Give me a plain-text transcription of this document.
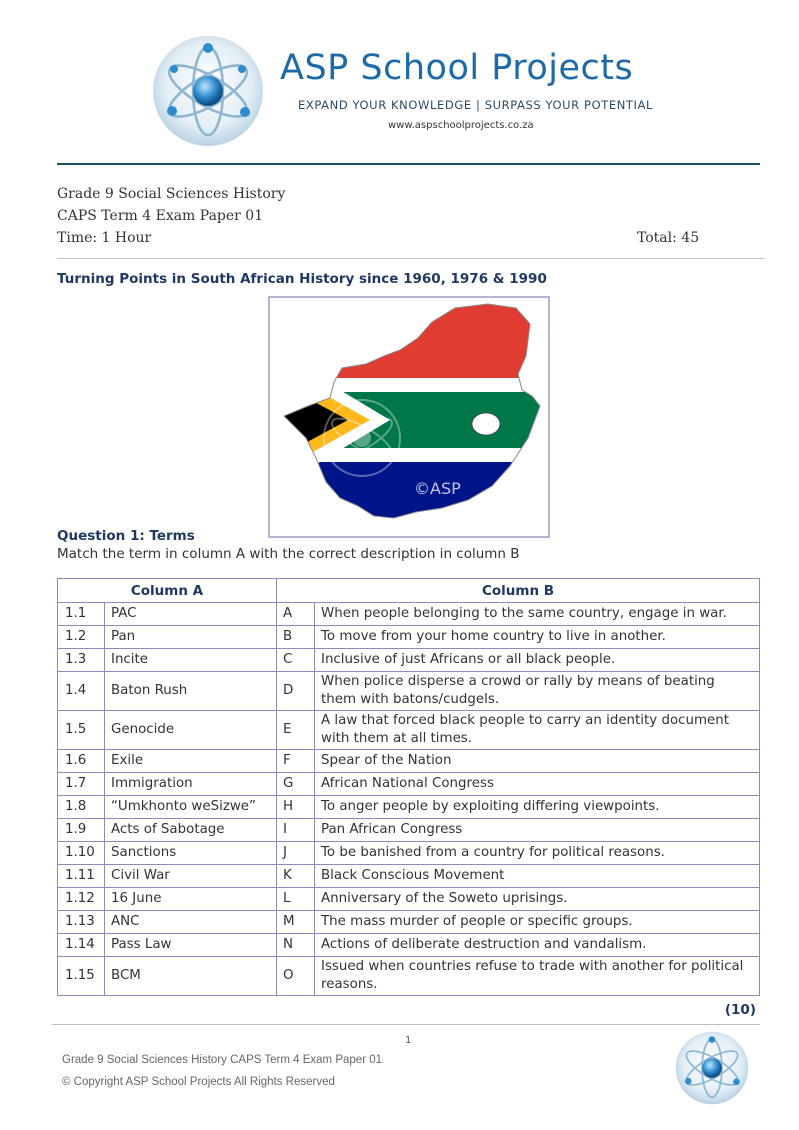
ASP School Projects
EXPAND YOUR KNOWLEDGE | SURPASS YOUR POTENTIAL
www.aspschoolprojects.co.za
Grade 9 Social Sciences History
CAPS Term 4 Exam Paper 01
Time: 1 Hour	Total: 45
Turning Points in South African History since 1960, 1976 & 1990
©ASP
Question 1: Terms
Match the term in column A with the correct description in column B
Column A		Column B	
1.1	PAC	A	When people belonging to the same country, engage in war.
1.2	Pan	B	To move from your home country to live in another.
1.3	Incite	C	Inclusive of just Africans or all black people.
1.4	Baton Rush	D	When police disperse a crowd or rally by means of beating them with batons/cudgels.
1.5	Genocide	E	A law that forced black people to carry an identity document with them at all times.
1.6	Exile	F	Spear of the Nation
1.7	Immigration	G	African National Congress
1.8	“Umkhonto weSizwe”	H	To anger people by exploiting differing viewpoints.
1.9	Acts of Sabotage	I	Pan African Congress
1.10	Sanctions	J	To be banished from a country for political reasons.
1.11	Civil War	K	Black Conscious Movement
1.12	16 June	L	Anniversary of the Soweto uprisings.
1.13	ANC	M	The mass murder of people or specific groups.
1.14	Pass Law	N	Actions of deliberate destruction and vandalism.
1.15	BCM	O	Issued when countries refuse to trade with another for political reasons.
(10)
1
Grade 9 Social Sciences History CAPS Term 4 Exam Paper 01
© Copyright ASP School Projects All Rights Reserved
